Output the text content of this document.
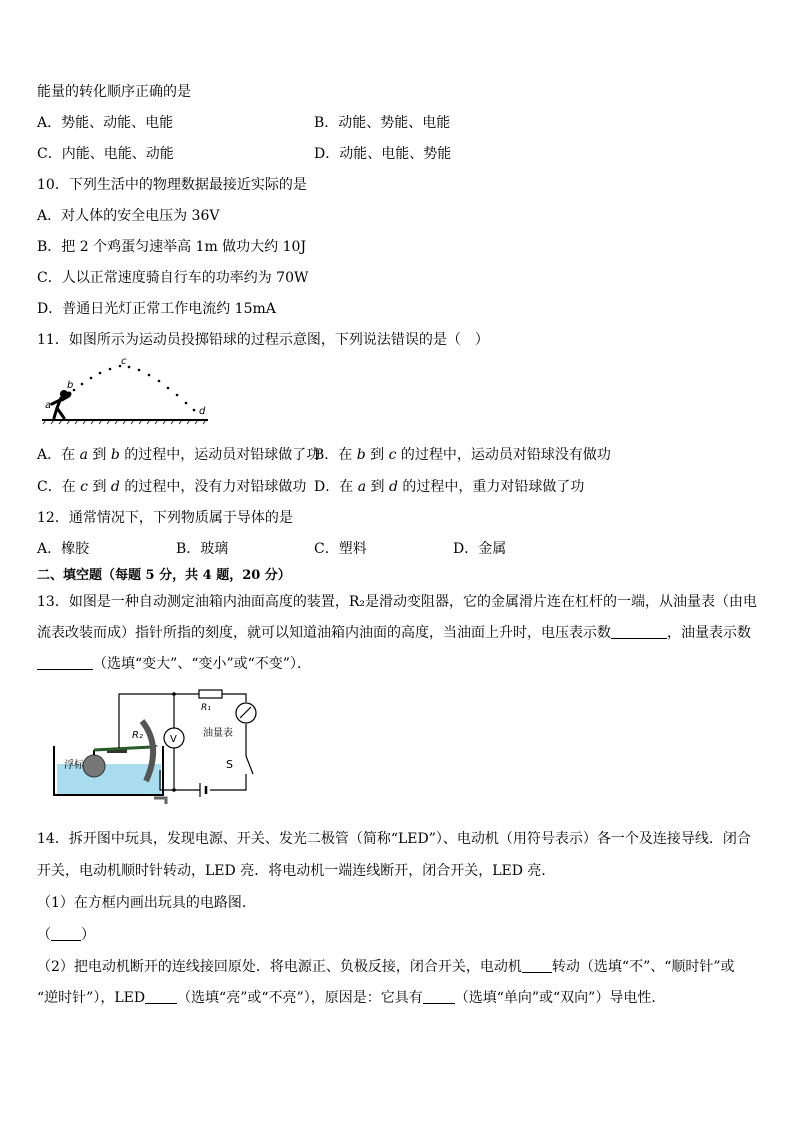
能量的转化顺序正确的是
A．势能、动能、电能	B．动能、势能、电能
C．内能、电能、动能	D．动能、电能、势能
10．下列生活中的物理数据最接近实际的是
A．对人体的安全电压为 36V
B．把 2 个鸡蛋匀速举高 1m 做功大约 10J
C．人以正常速度骑自行车的功率约为 70W
D．普通日光灯正常工作电流约 15mA
11．如图所示为运动员投掷铅球的过程示意图，下列说法错误的是（　）
a
b
c
d
A．在 a 到 b 的过程中，运动员对铅球做了功
B．在 b 到 c 的过程中，运动员对铅球没有做功
C．在 c 到 d 的过程中，没有力对铅球做功 D．在 a 到 d 的过程中，重力对铅球做了功
12．通常情况下，下列物质属于导体的是
A．橡胶	B．玻璃	C．塑料	D．金属
二、填空题（每题 5 分，共 4 题，20 分）
13．如图是一种自动测定油箱内油面高度的装置，R₂是滑动变阻器，它的金属滑片连在杠杆的一端，从油量表（由电
流表改装而成）指针所指的刻度，就可以知道油箱内油面的高度，当油面上升时，电压表示数	，油量表示数
（选填“变大”、“变小”或“不变”）．
R₂
R₁
油量表
V
S
浮标
14．拆开图中玩具，发现电源、开关、发光二极管（简称“LED”）、电动机（用符号表示）各一个及连接导线．闭合
开关，电动机顺时针转动，LED 亮．将电动机一端连线断开，闭合开关，LED 亮．
（1）在方框内画出玩具的电路图．
（ ）
（2）把电动机断开的连线接回原处．将电源正、负极反接，闭合开关，电动机 转动（选填“不”、“顺时针”或
“逆时针”），LED （选填“亮”或“不亮”），原因是：它具有 （选填“单向”或“双向”）导电性．
